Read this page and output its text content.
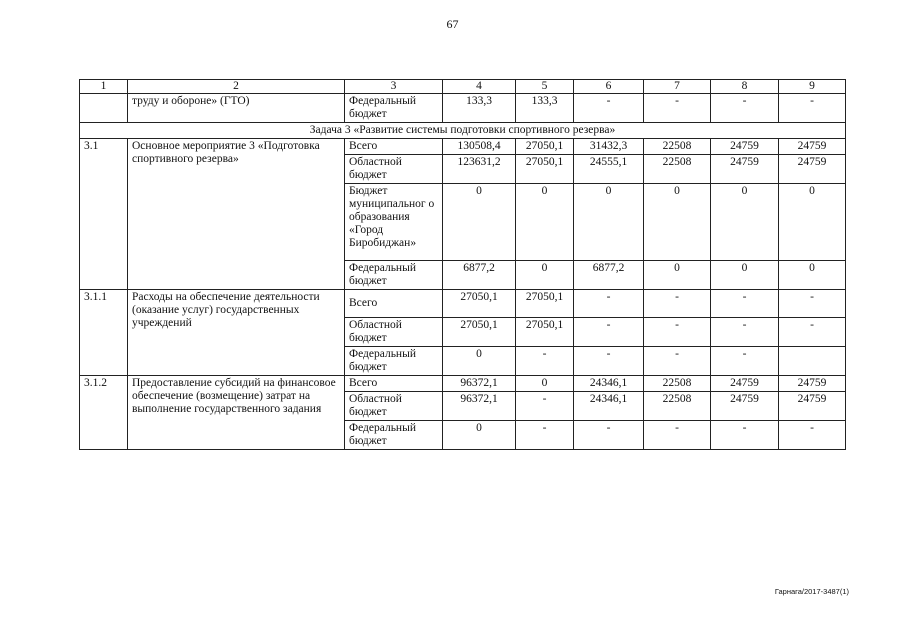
67
1	2	3	4	5	6	7	8	9
	труду и обороне» (ГТО)	Федеральный бюджет	133,3	133,3	-	-	-	-
Задача 3 «Развитие системы подготовки спортивного резерва»								
3.1	Основное мероприятие 3 «Подготовка спортивного резерва»	Всего	130508,4	27050,1	31432,3	22508	24759	24759
		Областной бюджет	123631,2	27050,1	24555,1	22508	24759	24759
		Бюджет муниципальног о образования «Город Биробиджан»	0	0	0	0	0	0
		Федеральный бюджет	6877,2	0	6877,2	0	0	0
3.1.1	Расходы на обеспечение деятельности (оказание услуг) государственных учреждений	Всего	27050,1	27050,1	-	-	-	-
		Областной бюджет	27050,1	27050,1	-	-	-	-
		Федеральный бюджет	0	-	-	-	-	
3.1.2	Предоставление субсидий на финансовое обеспечение (возмещение) затрат на выполнение государственного задания	Всего	96372,1	0	24346,1	22508	24759	24759
		Областной бюджет	96372,1	-	24346,1	22508	24759	24759
		Федеральный бюджет	0	-	-	-	-	-
Гарнага/2017-3487(1)
